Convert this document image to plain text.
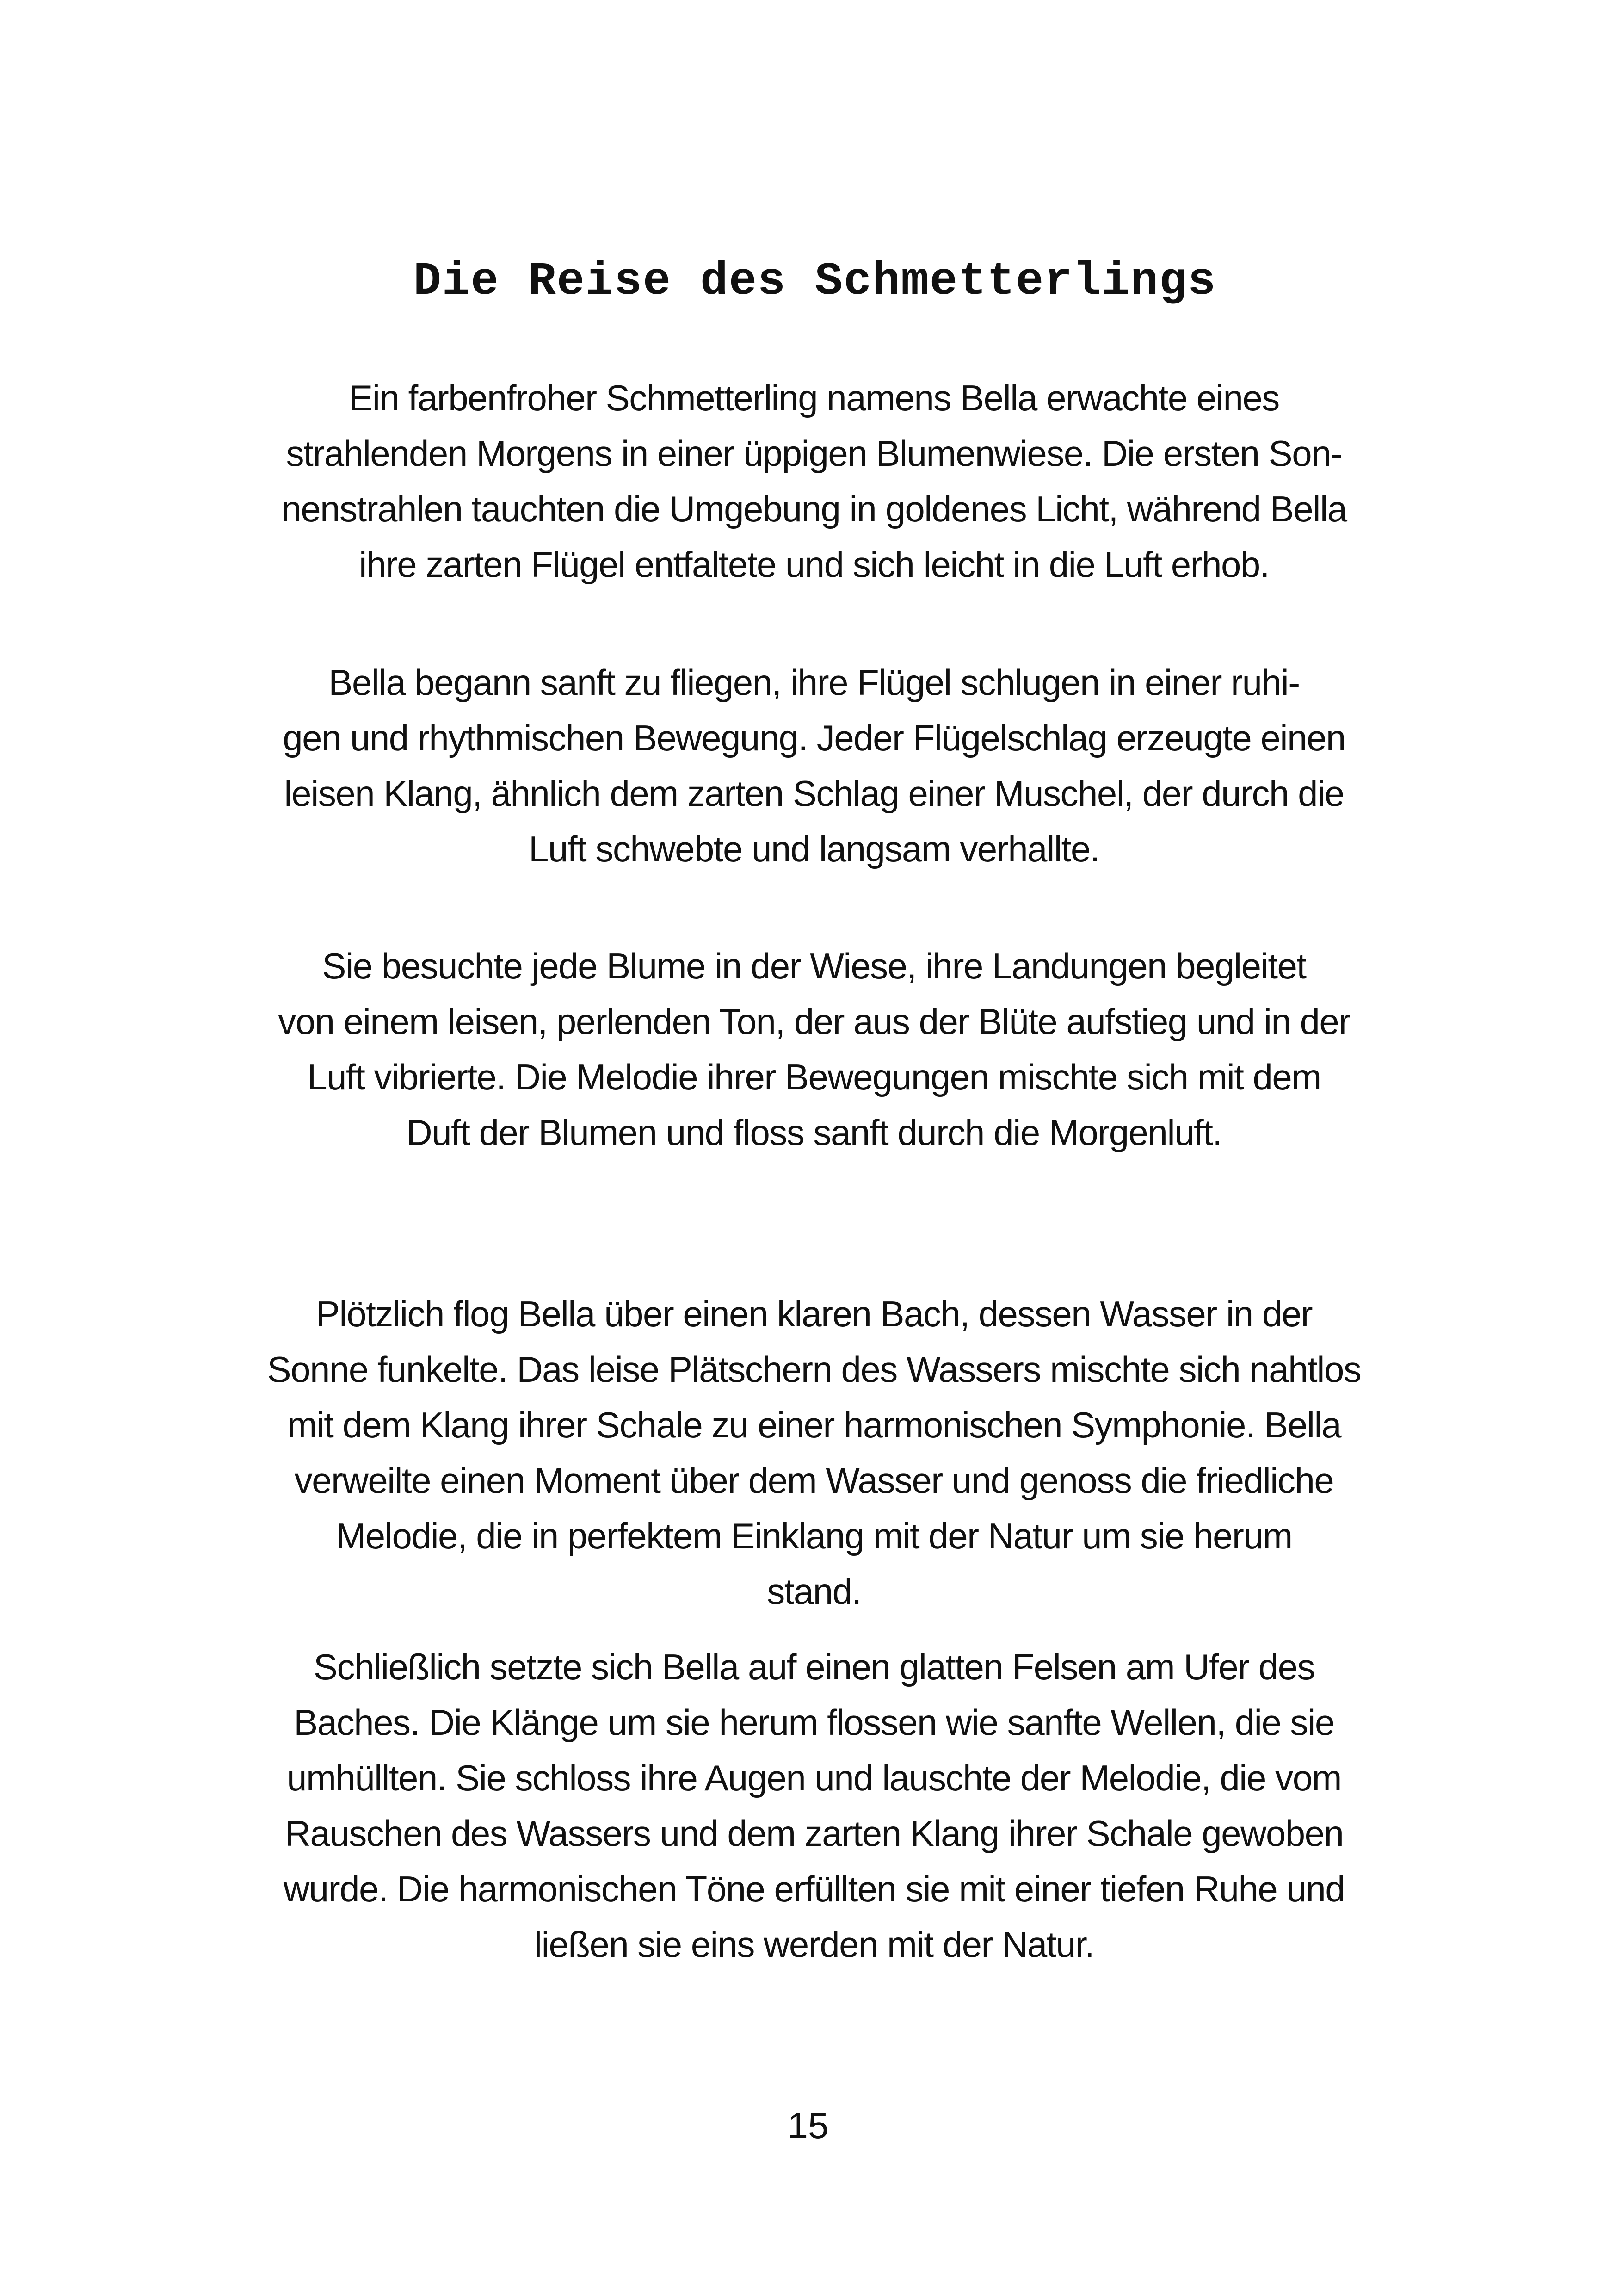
Die Reise des Schmetterlings
Ein farbenfroher Schmetterling namens Bella erwachte eines
strahlenden Morgens in einer üppigen Blumenwiese. Die ersten Son-
nenstrahlen tauchten die Umgebung in goldenes Licht, während Bella
ihre zarten Flügel entfaltete und sich leicht in die Luft erhob.
Bella begann sanft zu fliegen, ihre Flügel schlugen in einer ruhi-
gen und rhythmischen Bewegung. Jeder Flügelschlag erzeugte einen
leisen Klang, ähnlich dem zarten Schlag einer Muschel, der durch die
Luft schwebte und langsam verhallte.
Sie besuchte jede Blume in der Wiese, ihre Landungen begleitet
von einem leisen, perlenden Ton, der aus der Blüte aufstieg und in der
Luft vibrierte. Die Melodie ihrer Bewegungen mischte sich mit dem
Duft der Blumen und floss sanft durch die Morgenluft.
Plötzlich flog Bella über einen klaren Bach, dessen Wasser in der
Sonne funkelte. Das leise Plätschern des Wassers mischte sich nahtlos
mit dem Klang ihrer Schale zu einer harmonischen Symphonie. Bella
verweilte einen Moment über dem Wasser und genoss die friedliche
Melodie, die in perfektem Einklang mit der Natur um sie herum
stand.
Schließlich setzte sich Bella auf einen glatten Felsen am Ufer des
Baches. Die Klänge um sie herum flossen wie sanfte Wellen, die sie
umhüllten. Sie schloss ihre Augen und lauschte der Melodie, die vom
Rauschen des Wassers und dem zarten Klang ihrer Schale gewoben
wurde. Die harmonischen Töne erfüllten sie mit einer tiefen Ruhe und
ließen sie eins werden mit der Natur.
15
